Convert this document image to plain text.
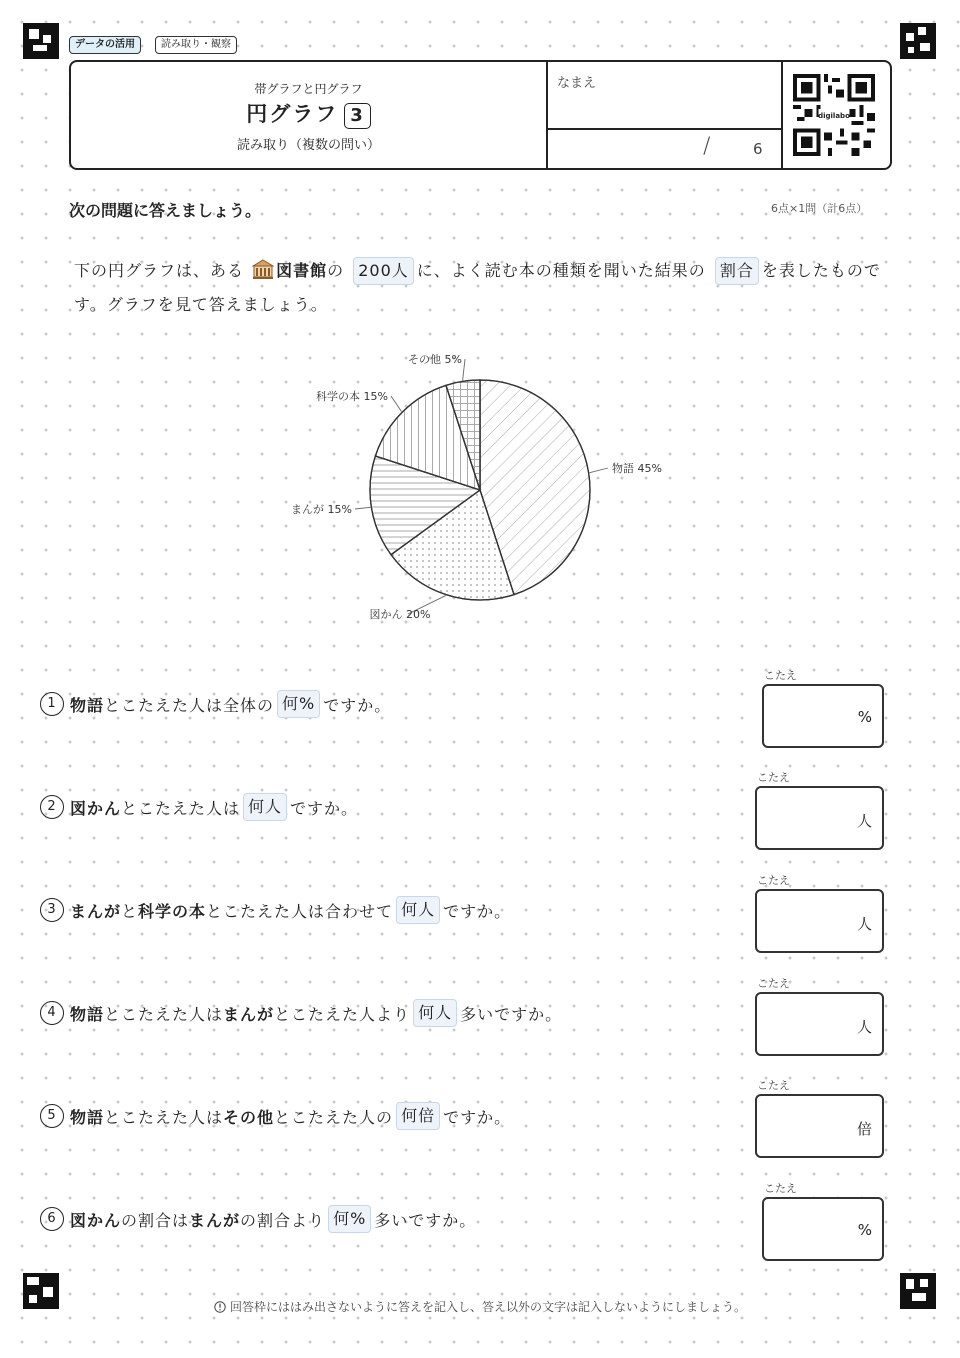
データの活用	読み取り・観察
帯グラフと円グラフ
円グラフ 3
読み取り（複数の問い）
なまえ
/	6
digilabo
次の問題に答えましょう。	6点×1問（計6点）
下の円グラフは、ある 図書館の 200人 に、よく読む本の種類を聞いた結果の 割合 を表したものです。グラフを見て答えましょう。
物語 45%
図かん 20%
まんが 15%
科学の本 15%
その他 5%
1 物語 とこたえた人は全体の 何% ですか。
こたえ
%
2 図かん とこたえた人は 何人 ですか。
こたえ
人
3 まんが と 科学の本 とこたえた人は合わせて 何人 ですか。
こたえ
人
4 物語 とこたえた人は まんが とこたえた人より 何人 多いですか。
こたえ
人
5 物語 とこたえた人は その他 とこたえた人の 何倍 ですか。
こたえ
倍
6 図かん の割合は まんが の割合より 何% 多いですか。
こたえ
%
回答枠にははみ出さないように答えを記入し、答え以外の文字は記入しないようにしましょう。
